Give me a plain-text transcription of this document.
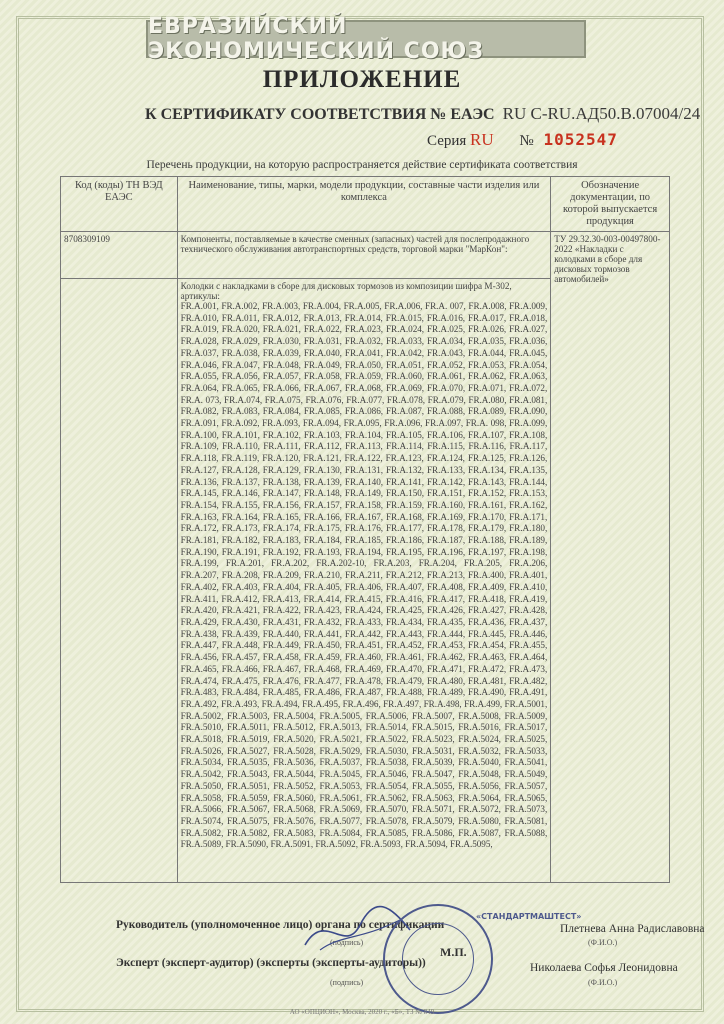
ЕВРАЗИЙСКИЙ ЭКОНОМИЧЕСКИЙ СОЮЗ
ПРИЛОЖЕНИЕ
К СЕРТИФИКАТУ СООТВЕТСТВИЯ № ЕАЭС RU C-RU.АД50.В.07004/24
Серия RU № 1052547
Перечень продукции, на которую распространяется действие сертификата соответствия
Код (коды) ТН ВЭД ЕАЭС	Наименование, типы, марки, модели продукции, составные части изделия или комплекса	Обозначение документации, по которой выпускается продукция
8708309109	Компоненты, поставляемые в качестве сменных (запасных) частей для послепродажного технического обслуживания автотранспортных средств, торговой марки "МарКон":	ТУ 29.32.30-003-00497800-2022 «Накладки с колодками в сборе для дисковых тормозов автомобилей»

	Колодки с накладками в сборе для дисковых тормозов из композиции шифра М-302, артикулы:
FR.A.001, FR.A.002, FR.A.003, FR.A.004, FR.A.005, FR.A.006, FR.A. 007, FR.A.008, FR.A.009, FR.A.010, FR.A.011, FR.A.012, FR.A.013, FR.A.014, FR.A.015, FR.A.016, FR.A.017, FR.A.018, FR.A.019, FR.A.020, FR.A.021, FR.A.022, FR.A.023, FR.A.024, FR.A.025, FR.A.026, FR.A.027, FR.A.028, FR.A.029, FR.A.030, FR.A.031, FR.A.032, FR.A.033, FR.A.034, FR.A.035, FR.A.036, FR.A.037, FR.A.038, FR.A.039, FR.A.040, FR.A.041, FR.A.042, FR.A.043, FR.A.044, FR.A.045, FR.A.046, FR.A.047, FR.A.048, FR.A.049, FR.A.050, FR.A.051, FR.A.052, FR.A.053, FR.A.054, FR.A.055, FR.A.056, FR.A.057, FR.A.058, FR.A.059, FR.A.060, FR.A.061, FR.A.062, FR.A.063, FR.A.064, FR.A.065, FR.A.066, FR.A.067, FR.A.068, FR.A.069, FR.A.070, FR.A.071, FR.A.072, FR.A. 073, FR.A.074, FR.A.075, FR.A.076, FR.A.077, FR.A.078, FR.A.079, FR.A.080, FR.A.081, FR.A.082, FR.A.083, FR.A.084, FR.A.085, FR.A.086, FR.A.087, FR.A.088, FR.A.089, FR.A.090, FR.A.091, FR.A.092, FR.A.093, FR.A.094, FR.A.095, FR.A.096, FR.A.097, FR.A. 098, FR.A.099, FR.A.100, FR.A.101, FR.A.102, FR.A.103, FR.A.104, FR.A.105, FR.A.106, FR.A.107, FR.A.108, FR.A.109, FR.A.110, FR.A.111, FR.A.112, FR.A.113, FR.A.114, FR.A.115, FR.A.116, FR.A.117, FR.A.118, FR.A.119, FR.A.120, FR.A.121, FR.A.122, FR.A.123, FR.A.124, FR.A.125, FR.A.126, FR.A.127, FR.A.128, FR.A.129, FR.A.130, FR.A.131, FR.A.132, FR.A.133, FR.A.134, FR.A.135, FR.A.136, FR.A.137, FR.A.138, FR.A.139, FR.A.140, FR.A.141, FR.A.142, FR.A.143, FR.A.144, FR.A.145, FR.A.146, FR.A.147, FR.A.148, FR.A.149, FR.A.150, FR.A.151, FR.A.152, FR.A.153, FR.A.154, FR.A.155, FR.A.156, FR.A.157, FR.A.158, FR.A.159, FR.A.160, FR.A.161, FR.A.162, FR.A.163, FR.A.164, FR.A.165, FR.A.166, FR.A.167, FR.A.168, FR.A.169, FR.A.170, FR.A.171, FR.A.172, FR.A.173, FR.A.174, FR.A.175, FR.A.176, FR.A.177, FR.A.178, FR.A.179, FR.A.180, FR.A.181, FR.A.182, FR.A.183, FR.A.184, FR.A.185, FR.A.186, FR.A.187, FR.A.188, FR.A.189, FR.A.190, FR.A.191, FR.A.192, FR.A.193, FR.A.194, FR.A.195, FR.A.196, FR.A.197, FR.A.198, FR.A.199, FR.A.201, FR.A.202, FR.A.202-10, FR.A.203, FR.A.204, FR.A.205, FR.A.206, FR.A.207, FR.A.208, FR.A.209, FR.A.210, FR.A.211, FR.A.212, FR.A.213, FR.A.400, FR.A.401, FR.A.402, FR.A.403, FR.A.404, FR.A.405, FR.A.406, FR.A.407, FR.A.408, FR.A.409, FR.A.410, FR.A.411, FR.A.412, FR.A.413, FR.A.414, FR.A.415, FR.A.416, FR.A.417, FR.A.418, FR.A.419, FR.A.420, FR.A.421, FR.A.422, FR.A.423, FR.A.424, FR.A.425, FR.A.426, FR.A.427, FR.A.428, FR.A.429, FR.A.430, FR.A.431, FR.A.432, FR.A.433, FR.A.434, FR.A.435, FR.A.436, FR.A.437, FR.A.438, FR.A.439, FR.A.440, FR.A.441, FR.A.442, FR.A.443, FR.A.444, FR.A.445, FR.A.446, FR.A.447, FR.A.448, FR.A.449, FR.A.450, FR.A.451, FR.A.452, FR.A.453, FR.A.454, FR.A.455, FR.A.456, FR.A.457, FR.A.458, FR.A.459, FR.A.460, FR.A.461, FR.A.462, FR.A.463, FR.A.464, FR.A.465, FR.A.466, FR.A.467, FR.A.468, FR.A.469, FR.A.470, FR.A.471, FR.A.472, FR.A.473, FR.A.474, FR.A.475, FR.A.476, FR.A.477, FR.A.478, FR.A.479, FR.A.480, FR.A.481, FR.A.482, FR.A.483, FR.A.484, FR.A.485, FR.A.486, FR.A.487, FR.A.488, FR.A.489, FR.A.490, FR.A.491, FR.A.492, FR.A.493, FR.A.494, FR.A.495, FR.A.496, FR.A.497, FR.A.498, FR.A.499, FR.A.5001, FR.A.5002, FR.A.5003, FR.A.5004, FR.A.5005, FR.A.5006, FR.A.5007, FR.A.5008, FR.A.5009, FR.A.5010, FR.A.5011, FR.A.5012, FR.A.5013, FR.A.5014, FR.A.5015, FR.A.5016, FR.A.5017, FR.A.5018, FR.A.5019, FR.A.5020, FR.A.5021, FR.A.5022, FR.A.5023, FR.A.5024, FR.A.5025, FR.A.5026, FR.A.5027, FR.A.5028, FR.A.5029, FR.A.5030, FR.A.5031, FR.A.5032, FR.A.5033, FR.A.5034, FR.A.5035, FR.A.5036, FR.A.5037, FR.A.5038, FR.A.5039, FR.A.5040, FR.A.5041, FR.A.5042, FR.A.5043, FR.A.5044, FR.A.5045, FR.A.5046, FR.A.5047, FR.A.5048, FR.A.5049, FR.A.5050, FR.A.5051, FR.A.5052, FR.A.5053, FR.A.5054, FR.A.5055, FR.A.5056, FR.A.5057, FR.A.5058, FR.A.5059, FR.A.5060, FR.A.5061, FR.A.5062, FR.A.5063, FR.A.5064, FR.A.5065, FR.A.5066, FR.A.5067, FR.A.5068, FR.A.5069, FR.A.5070, FR.A.5071, FR.A.5072, FR.A.5073, FR.A.5074, FR.A.5075, FR.A.5076, FR.A.5077, FR.A.5078, FR.A.5079, FR.A.5080, FR.A.5081, FR.A.5082, FR.A.5082, FR.A.5083, FR.A.5084, FR.A.5085, FR.A.5086, FR.A.5087, FR.A.5088, FR.A.5089, FR.A.5090, FR.A.5091, FR.A.5092, FR.A.5093, FR.A.5094, FR.A.5095,	
Руководитель (уполномоченное лицо) органа по сертификации	Плетнева Анна Радиславовна
(подпись)	(Ф.И.О.)
Эксперт (эксперт-аудитор) (эксперты (эксперты-аудиторы))	Николаева Софья Леонидовна
(подпись)	(Ф.И.О.)
«СТАНДАРТМАШТЕСТ»
М.П.
АО «ОПЦИОН», Москва, 2020 г., «Б», ТЗ № 849
